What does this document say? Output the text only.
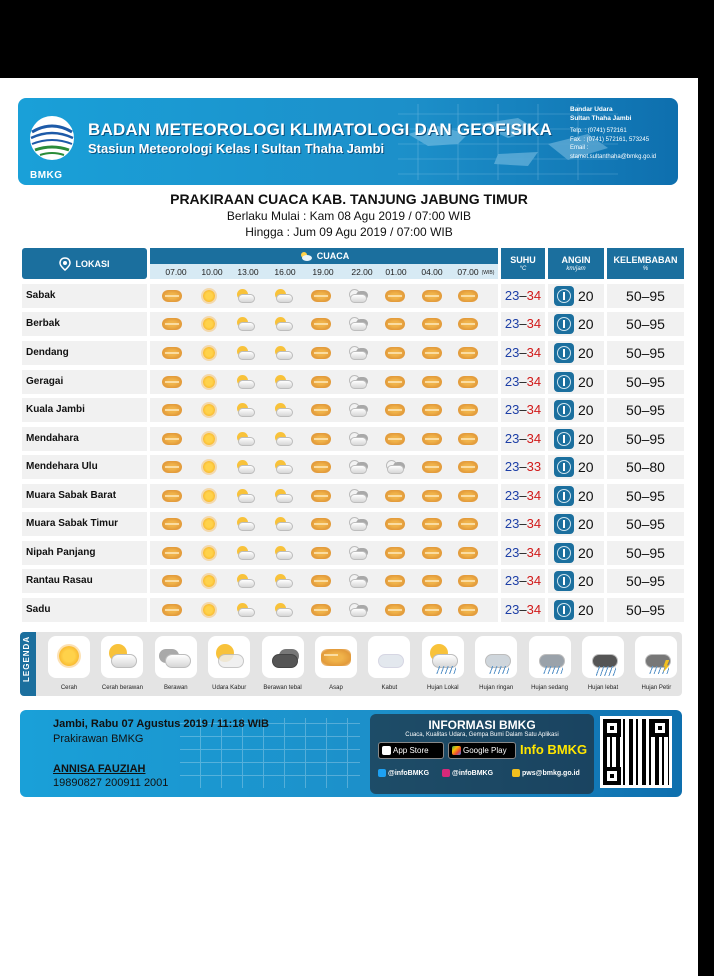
BMKG
BADAN METEOROLOGI KLIMATOLOGI DAN GEOFISIKA
Stasiun Meteorologi Kelas I Sultan Thaha Jambi
Bandar Udara
Sultan Thaha Jambi
Telp. : (0741) 572161
Fax. : (0741) 572161, 573245
Email :
stamet.sultanthaha@bmkg.go.id
PRAKIRAAN CUACA KAB. TANJUNG JABUNG TIMUR
Berlaku Mulai : Kam 08 Agu 2019 / 07:00 WIB
Hingga : Jum 09 Agu 2019 / 07:00 WIB
LOKASI
CUACA
07.00 10.00 13.00 16.00 19.00 22.00 01.00 04.00 07.00 (WIB)
SUHU
°C
ANGIN
km/jam
KELEMBABAN
%
Sabak	23–34	20	50–95
Berbak	23–34	20	50–95
Dendang	23–34	20	50–95
Geragai	23–34	20	50–95
Kuala Jambi	23–34	20	50–95
Mendahara	23–34	20	50–95
Mendehara Ulu	23–33	20	50–80
Muara Sabak Barat	23–34	20	50–95
Muara Sabak Timur	23–34	20	50–95
Nipah Panjang	23–34	20	50–95
Rantau Rasau	23–34	20	50–95
Sadu	23–34	20	50–95
LEGENDA
Cerah	Cerah berawan	Berawan	Udara Kabur	Berawan tebal	Asap	Kabut	Hujan Lokal	Hujan ringan	Hujan sedang	Hujan lebat	Hujan Petir
Jambi, Rabu 07 Agustus 2019 / 11:18 WIB
Prakirawan BMKG
ANNISA FAUZIAH
19890827 200911 2001
INFORMASI BMKG
Cuaca, Kualitas Udara, Gempa Bumi Dalam Satu Aplikasi
App Store	Google Play	Info BMKG
@infoBMKG	@infoBMKG	pws@bmkg.go.id
